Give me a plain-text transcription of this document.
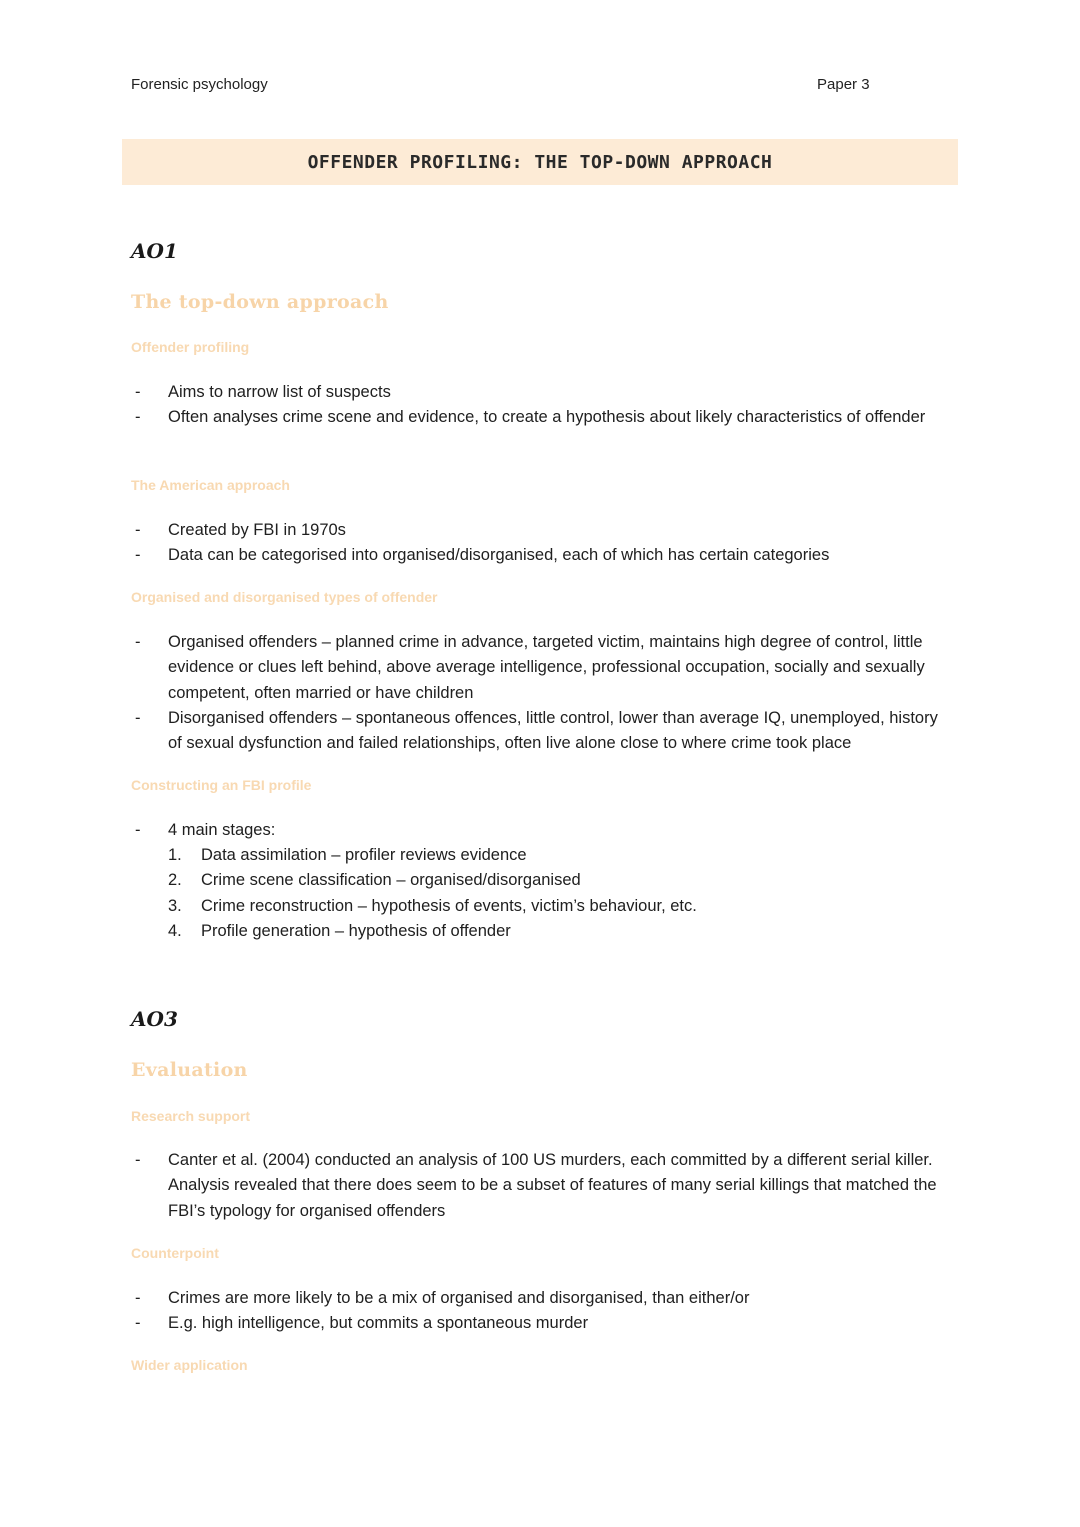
Forensic psychology	Paper 3
OFFENDER PROFILING: THE TOP-DOWN APPROACH
AO1
The top-down approach
Offender profiling
- Aims to narrow list of suspects
- Often analyses crime scene and evidence, to create a hypothesis about likely characteristics of offender
The American approach
- Created by FBI in 1970s
- Data can be categorised into organised/disorganised, each of which has certain categories
Organised and disorganised types of offender
- Organised offenders – planned crime in advance, targeted victim, maintains high degree of control, little evidence or clues left behind, above average intelligence, professional occupation, socially and sexually competent, often married or have children
- Disorganised offenders – spontaneous offences, little control, lower than average IQ, unemployed, history of sexual dysfunction and failed relationships, often live alone close to where crime took place
Constructing an FBI profile
- 4 main stages:
1. Data assimilation – profiler reviews evidence
2. Crime scene classification – organised/disorganised
3. Crime reconstruction – hypothesis of events, victim’s behaviour, etc.
4. Profile generation – hypothesis of offender
AO3
Evaluation
Research support
- Canter et al. (2004) conducted an analysis of 100 US murders, each committed by a different serial killer. Analysis revealed that there does seem to be a subset of features of many serial killings that matched the FBI’s typology for organised offenders
Counterpoint
- Crimes are more likely to be a mix of organised and disorganised, than either/or
- E.g. high intelligence, but commits a spontaneous murder
Wider application
